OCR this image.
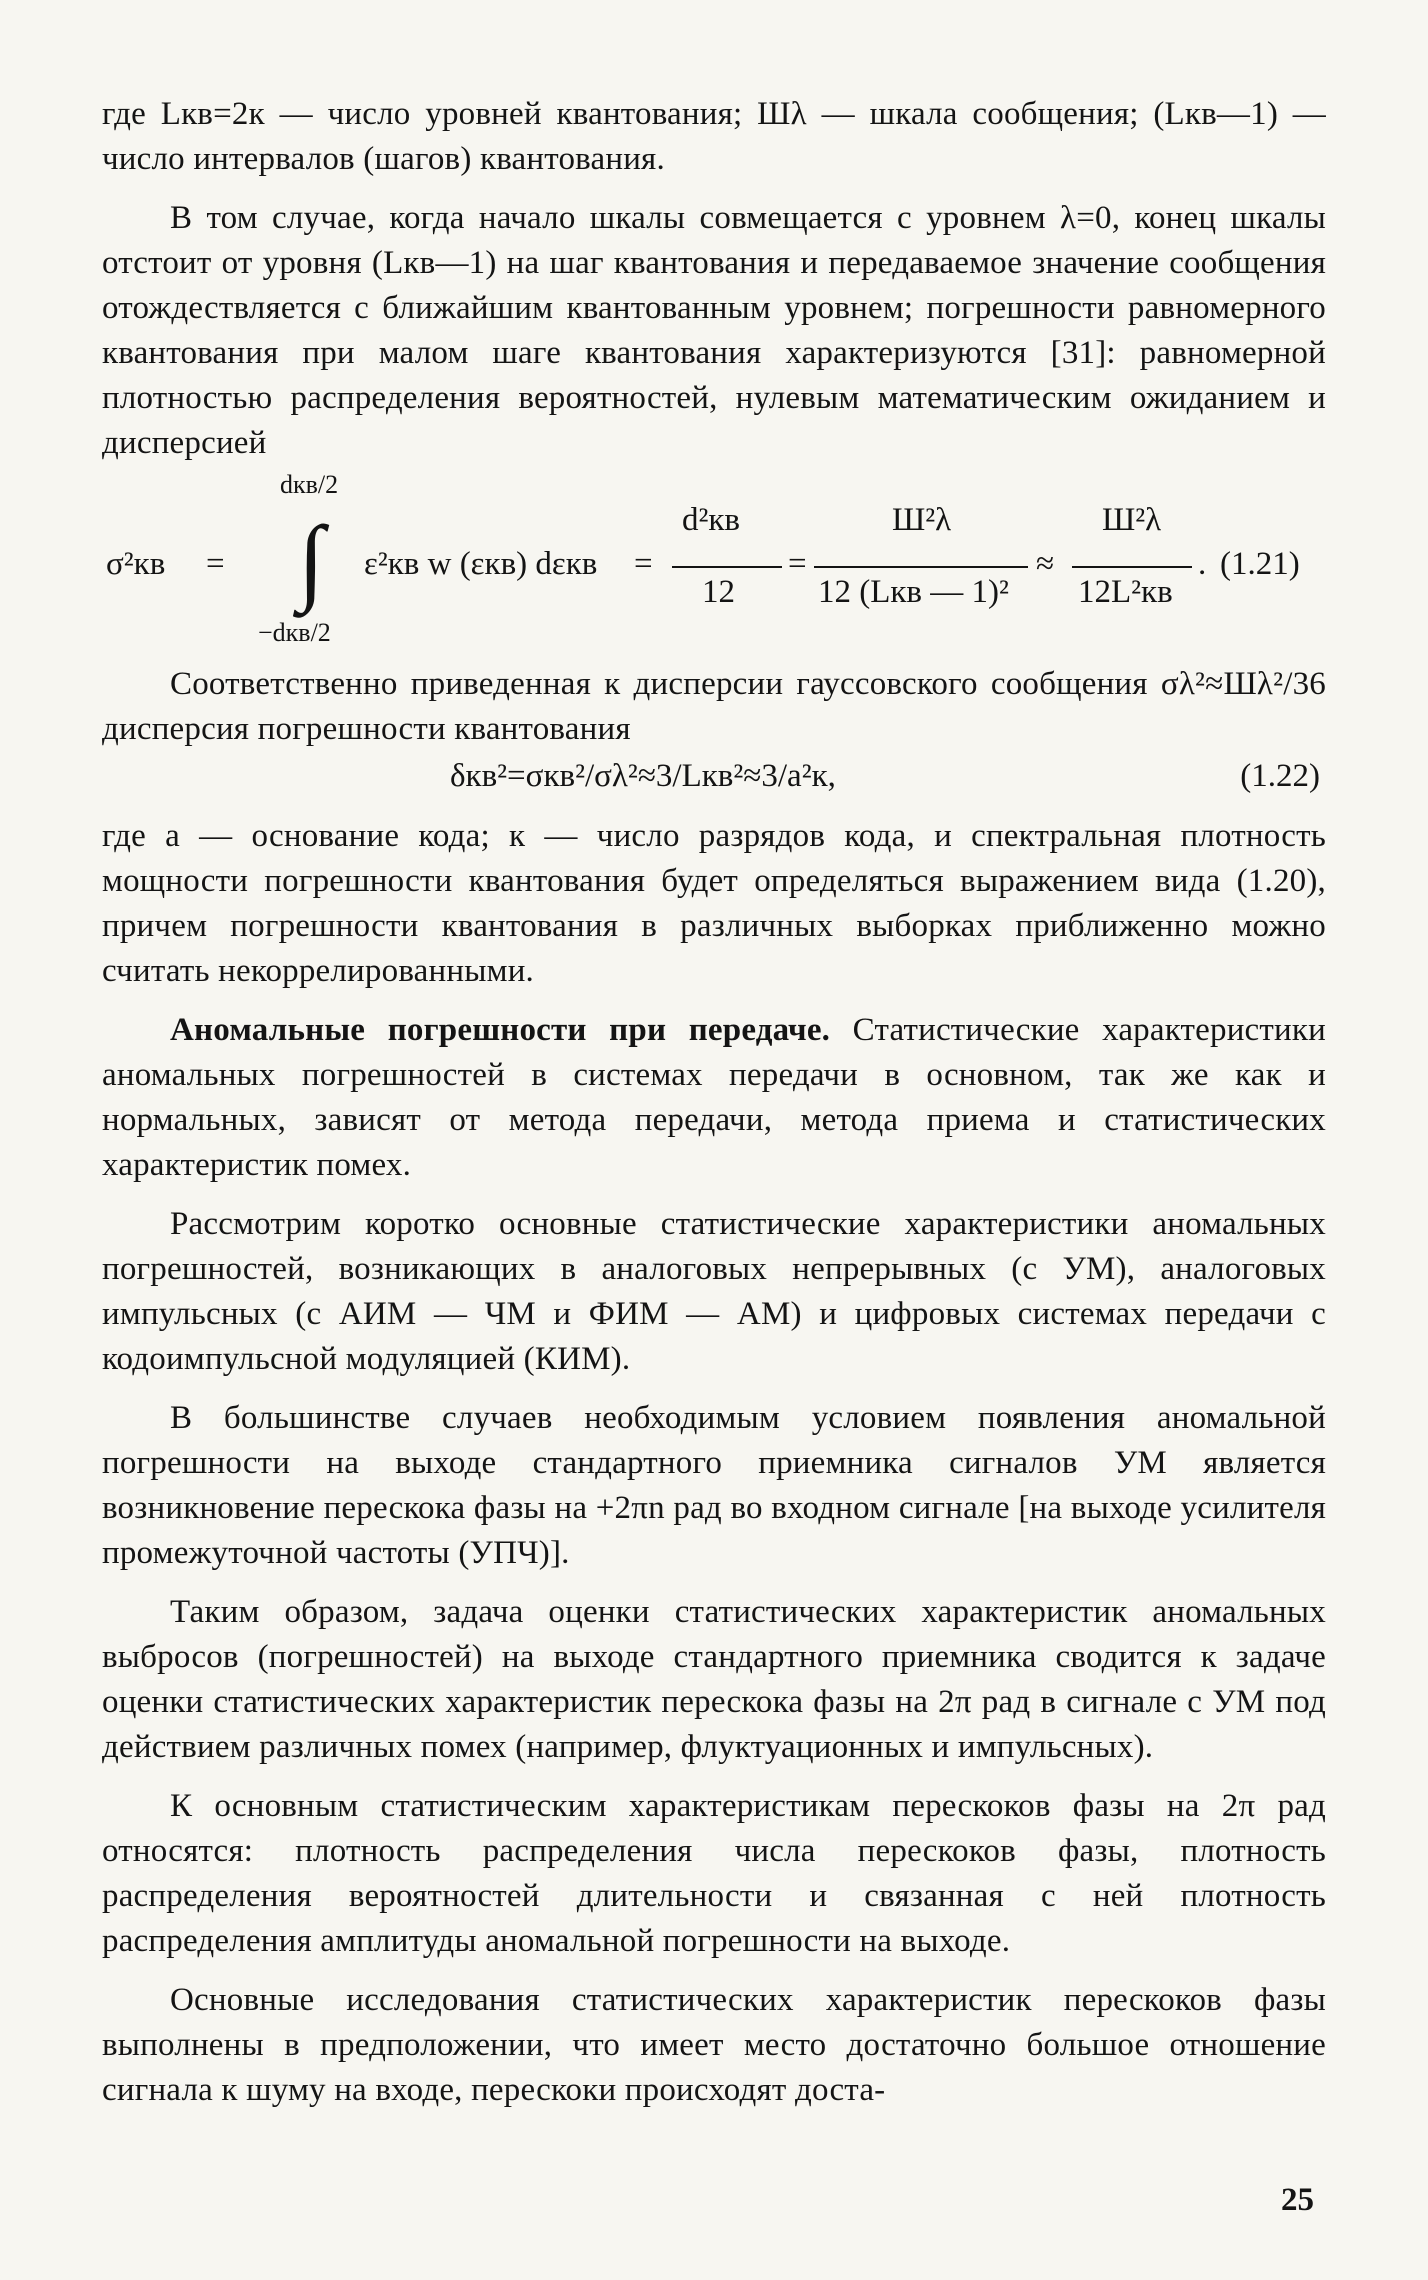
где Lкв=2к — число уровней квантования; Шλ — шкала сообщения; (Lкв—1) — число интервалов (шагов) квантования.

В том случае, когда начало шкалы совмещается с уровнем λ=0, конец шкалы отстоит от уровня (Lкв—1) на шаг квантования и передаваемое значение сообщения отождествляется с ближайшим квантованным уровнем; погрешности равномерного квантования при малом шаге квантования характеризуются [31]: равномерной плотностью распределения вероятностей, нулевым математическим ожиданием и дисперсией

σ²кв =
dкв/2
∫
−dкв/2
ε²кв w (εкв) dεкв =
d²кв
12
=
Ш²λ
12 (Lкв — 1)²
≈
Ш²λ
12L²кв
. (1.21)

Соответственно приведенная к дисперсии гауссовского сообщения σλ²≈Шλ²/36 дисперсия погрешности квантования

δкв²=σкв²/σλ²≈3/Lкв²≈3/a²к,	(1.22)

где a — основание кода; к — число разрядов кода, и спектральная плотность мощности погрешности квантования будет определяться выражением вида (1.20), причем погрешности квантования в различных выборках приближенно можно считать некоррелированными.

Аномальные погрешности при передаче. Статистические характеристики аномальных погрешностей в системах передачи в основном, так же как и нормальных, зависят от метода передачи, метода приема и статистических характеристик помех.

Рассмотрим коротко основные статистические характеристики аномальных погрешностей, возникающих в аналоговых непрерывных (с УМ), аналоговых импульсных (с АИМ — ЧМ и ФИМ — АМ) и цифровых системах передачи с кодоимпульсной модуляцией (КИМ).

В большинстве случаев необходимым условием появления аномальной погрешности на выходе стандартного приемника сигналов УМ является возникновение перескока фазы на +2πn рад во входном сигнале [на выходе усилителя промежуточной частоты (УПЧ)].

Таким образом, задача оценки статистических характеристик аномальных выбросов (погрешностей) на выходе стандартного приемника сводится к задаче оценки статистических характеристик перескока фазы на 2π рад в сигнале с УМ под действием различных помех (например, флуктуационных и импульсных).

К основным статистическим характеристикам перескоков фазы на 2π рад относятся: плотность распределения числа перескоков фазы, плотность распределения вероятностей длительности и связанная с ней плотность распределения амплитуды аномальной погрешности на выходе.

Основные исследования статистических характеристик перескоков фазы выполнены в предположении, что имеет место достаточно большое отношение сигнала к шуму на входе, перескоки происходят доста-

25
